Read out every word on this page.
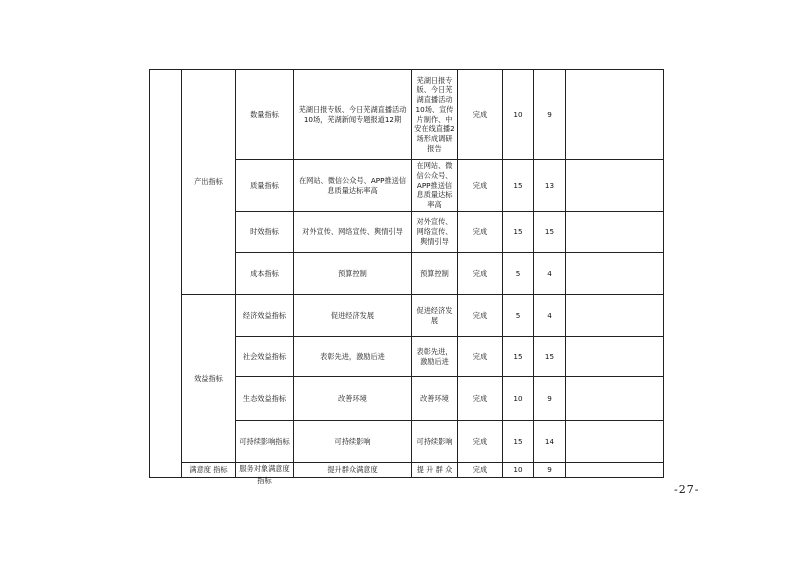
	产出指标	数量指标	芜湖日报专版、今日芜湖直播活动10场，芜湖新闻专题报道12期	芜湖日报专版、今日芜湖直播活动10场、宣传片制作、中安在线直播2场形成调研报告	完成	10	9	
		质量指标	在网站、微信公众号、APP推送信息质量达标率高	在网站、微信公众号、APP推送信息质量达标率高	完成	15	13	
		时效指标	对外宣传、网络宣传、舆情引导	对外宣传、网络宣传、舆情引导	完成	15	15	
		成本指标	预算控制	预算控制	完成	5	4	
	效益指标	经济效益指标	促进经济发展	促进经济发展	完成	5	4	
		社会效益指标	表彰先进，激励后进	表彰先进，激励后进	完成	15	15	
		生态效益指标	改善环境	改善环境	完成	10	9	
		可持续影响指标	可持续影响	可持续影响	完成	15	14	

	满意度 指标	服务对象满意度指标	提升群众满意度	提 升 群 众	完成	10	9	
-27-
